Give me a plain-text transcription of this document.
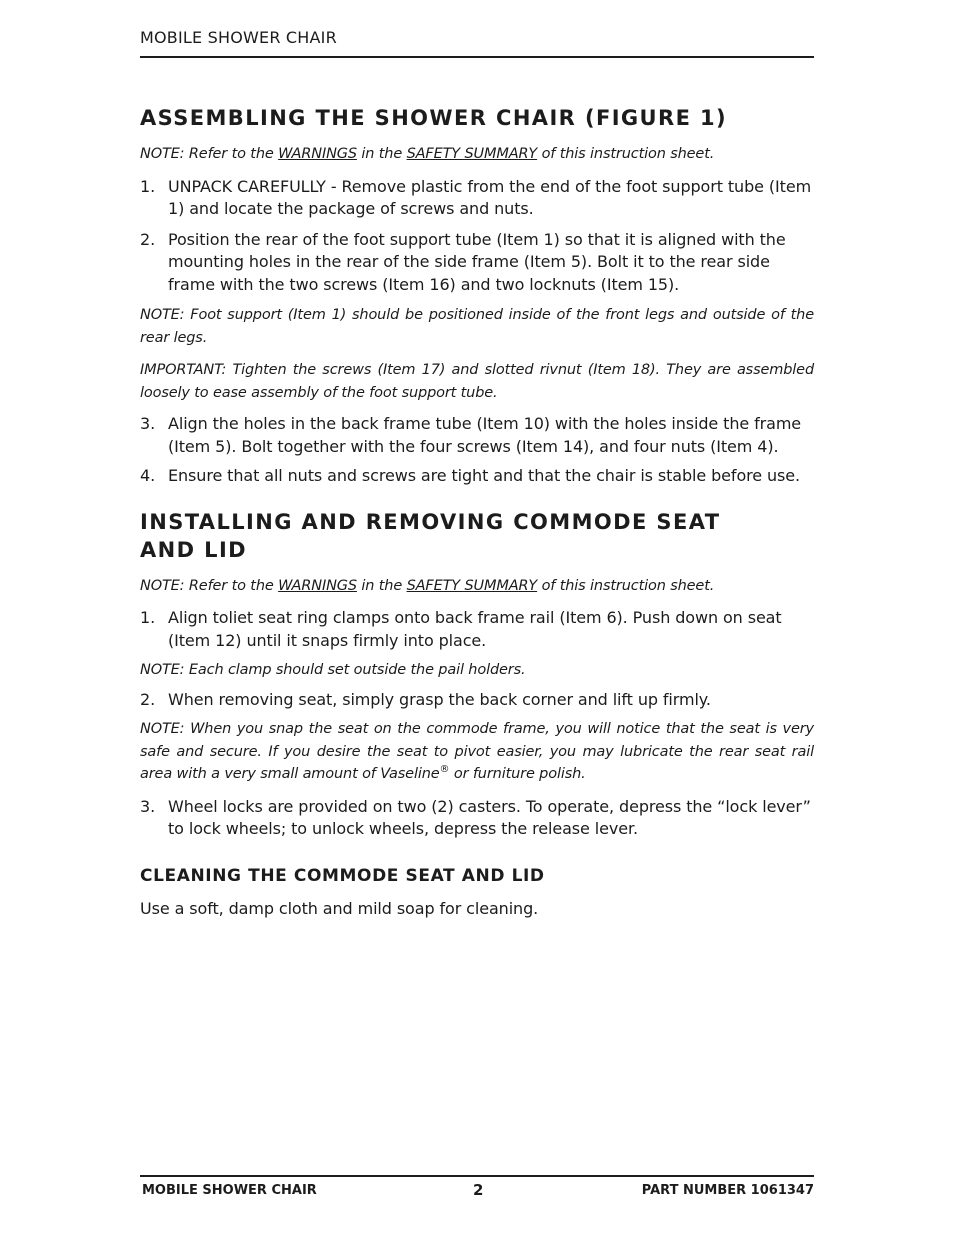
MOBILE SHOWER CHAIR
ASSEMBLING THE SHOWER CHAIR (FIGURE 1)

NOTE: Refer to the WARNINGS in the SAFETY SUMMARY of this instruction sheet.

1. UNPACK CAREFULLY - Remove plastic from the end of the foot support tube (Item 1) and locate the package of screws and nuts.
2. Position the rear of the foot support tube (Item 1) so that it is aligned with the mounting holes in the rear of the side frame (Item 5). Bolt it to the rear side frame with the two screws (Item 16) and two locknuts (Item 15).

NOTE: Foot support (Item 1) should be positioned inside of the front legs and outside of the rear legs.

IMPORTANT: Tighten the screws (Item 17) and slotted rivnut (Item 18). They are assembled loosely to ease assembly of the foot support tube.

3. Align the holes in the back frame tube (Item 10) with the holes inside the frame (Item 5). Bolt together with the four screws (Item 14), and four nuts (Item 4).
4. Ensure that all nuts and screws are tight and that the chair is stable before use.
INSTALLING AND REMOVING COMMODE SEAT
AND LID

NOTE: Refer to the WARNINGS in the SAFETY SUMMARY of this instruction sheet.

1. Align toliet seat ring clamps onto back frame rail (Item 6). Push down on seat (Item 12) until it snaps firmly into place.

NOTE: Each clamp should set outside the pail holders.

2. When removing seat, simply grasp the back corner and lift up firmly.

NOTE: When you snap the seat on the commode frame, you will notice that the seat is very safe and secure. If you desire the seat to pivot easier, you may lubricate the rear seat rail area with a very small amount of Vaseline® or furniture polish.

3. Wheel locks are provided on two (2) casters. To operate, depress the “lock lever” to lock wheels; to unlock wheels, depress the release lever.
CLEANING THE COMMODE SEAT AND LID

Use a soft, damp cloth and mild soap for cleaning.

MOBILE SHOWER CHAIR	2	PART NUMBER 1061347
